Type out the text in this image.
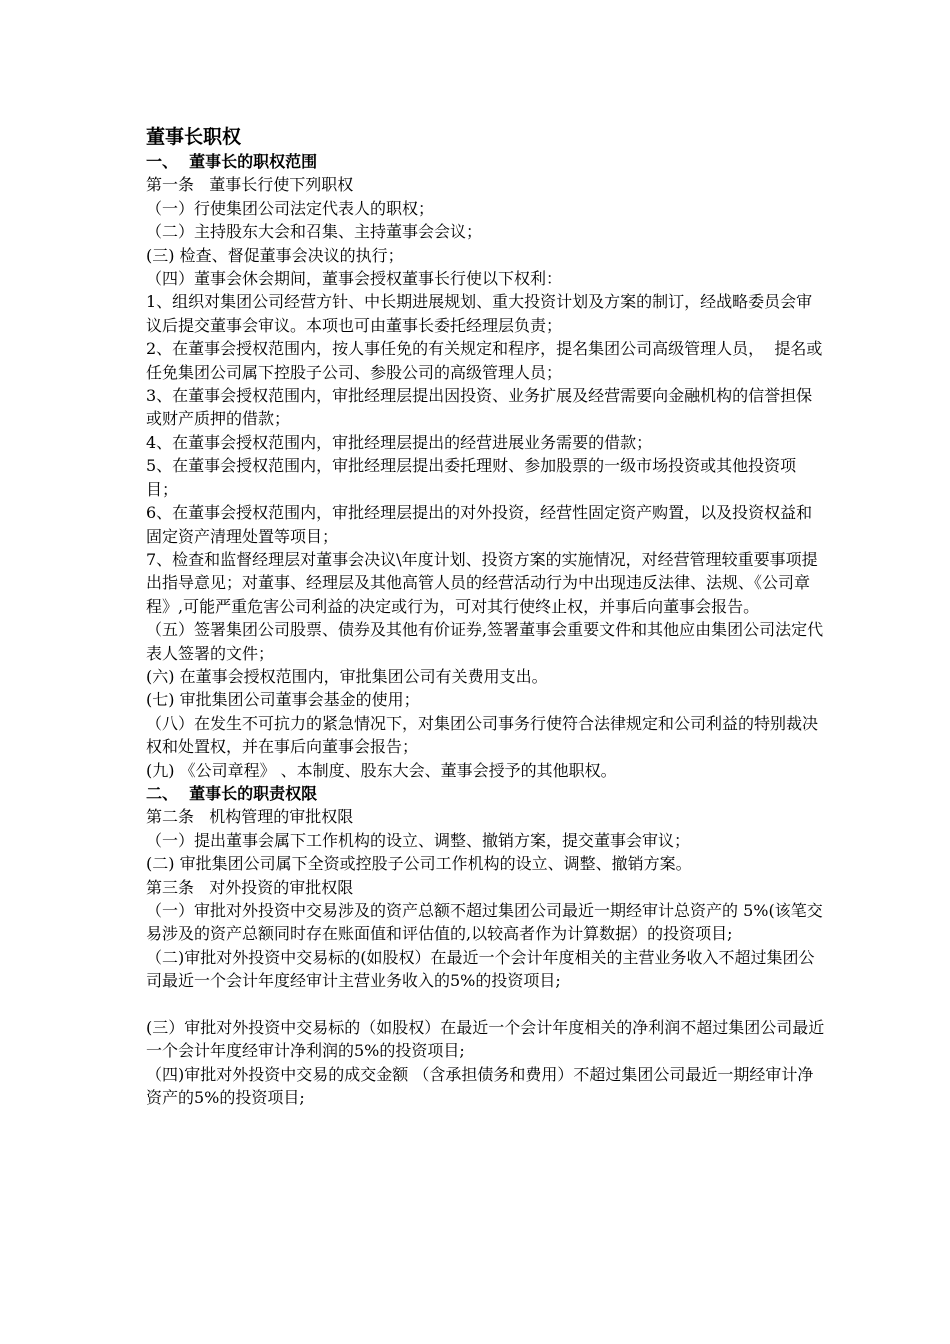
董事长职权
一、  董事长的职权范围

第一条   董事长行使下列职权

（一）行使集团公司法定代表人的职权；

（二）主持股东大会和召集、主持董事会会议；

(三) 检查、督促董事会决议的执行；

（四）董事会休会期间，董事会授权董事长行使以下权利：

1、组织对集团公司经营方针、中长期进展规划、重大投资计划及方案的制订，经战略委员会审议后提交董事会审议。本项也可由董事长委托经理层负责；

2、在董事会授权范围内，按人事任免的有关规定和程序，提名集团公司高级管理人员，  提名或任免集团公司属下控股子公司、参股公司的高级管理人员；

3、在董事会授权范围内，审批经理层提出因投资、业务扩展及经营需要向金融机构的信誉担保或财产质押的借款；

4、在董事会授权范围内，审批经理层提出的经营进展业务需要的借款；

5、在董事会授权范围内，审批经理层提出委托理财、参加股票的一级市场投资或其他投资项目；

6、在董事会授权范围内，审批经理层提出的对外投资，经营性固定资产购置，以及投资权益和固定资产清理处置等项目；

7、检查和监督经理层对董事会决议\年度计划、投资方案的实施情况，对经营管理较重要事项提出指导意见；对董事、经理层及其他高管人员的经营活动行为中出现违反法律、法规、《公司章程》,可能严重危害公司利益的决定或行为，可对其行使终止权，并事后向董事会报告。

（五）签署集团公司股票、债券及其他有价证券,签署董事会重要文件和其他应由集团公司法定代表人签署的文件；

(六) 在董事会授权范围内，审批集团公司有关费用支出。

(七) 审批集团公司董事会基金的使用；

（八）在发生不可抗力的紧急情况下，对集团公司事务行使符合法律规定和公司利益的特别裁决权和处置权，并在事后向董事会报告；

(九) 《公司章程》 、本制度、股东大会、董事会授予的其他职权。

二、  董事长的职责权限

第二条   机构管理的审批权限

（一）提出董事会属下工作机构的设立、调整、撤销方案，提交董事会审议；

(二) 审批集团公司属下全资或控股子公司工作机构的设立、调整、撤销方案。

第三条   对外投资的审批权限

（一）审批对外投资中交易涉及的资产总额不超过集团公司最近一期经审计总资产的 5%(该笔交易涉及的资产总额同时存在账面值和评估值的,以较高者作为计算数据）的投资项目;

（二)审批对外投资中交易标的(如股权）在最近一个会计年度相关的主营业务收入不超过集团公司最近一个会计年度经审计主营业务收入的5%的投资项目;

(三）审批对外投资中交易标的（如股权）在最近一个会计年度相关的净利润不超过集团公司最近一个会计年度经审计净利润的5%的投资项目;

（四)审批对外投资中交易的成交金额 （含承担债务和费用）不超过集团公司最近一期经审计净资产的5%的投资项目;
